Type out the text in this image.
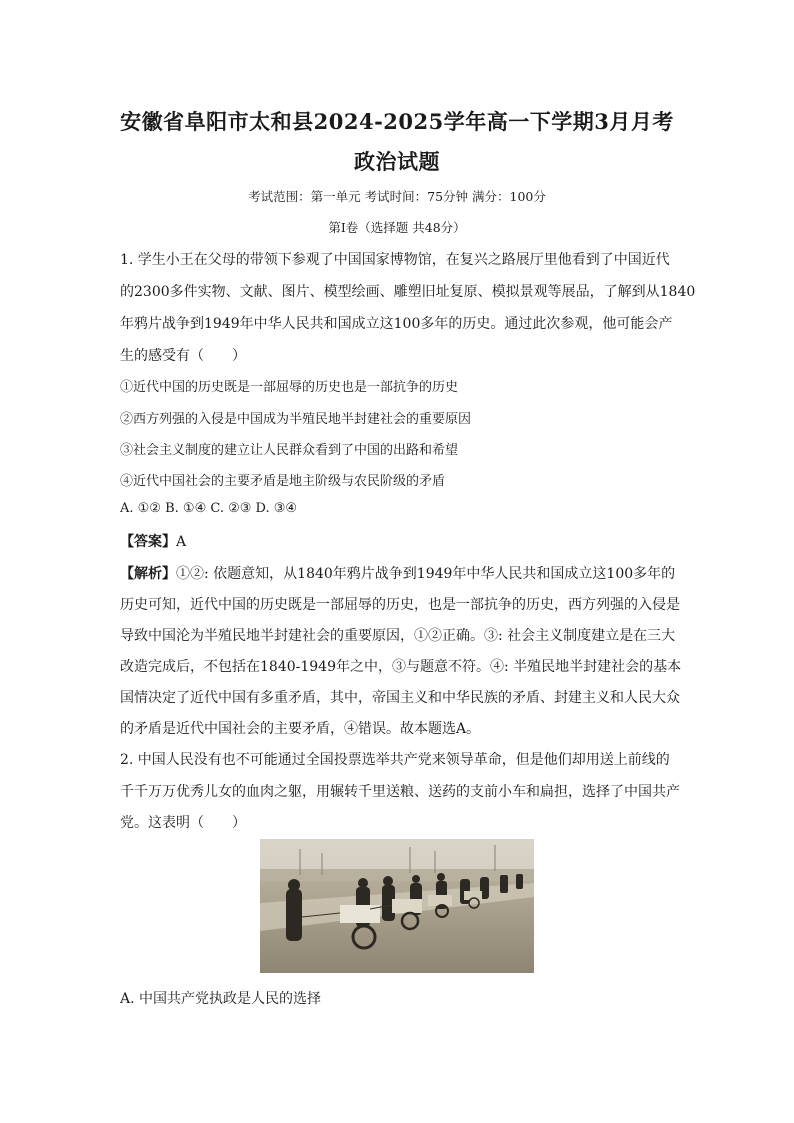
安徽省阜阳市太和县2024-2025学年高一下学期3月月考
政治试题
考试范围：第一单元 考试时间：75分钟 满分：100分
第I卷（选择题 共48分）
1. 学生小王在父母的带领下参观了中国国家博物馆，在复兴之路展厅里他看到了中国近代
的2300多件实物、文献、图片、模型绘画、雕塑旧址复原、模拟景观等展品，了解到从1840
年鸦片战争到1949年中华人民共和国成立这100多年的历史。通过此次参观，他可能会产
生的感受有（　　）
①近代中国的历史既是一部屈辱的历史也是一部抗争的历史
②西方列强的入侵是中国成为半殖民地半封建社会的重要原因
③社会主义制度的建立让人民群众看到了中国的出路和希望
④近代中国社会的主要矛盾是地主阶级与农民阶级的矛盾
A. ①② B. ①④ C. ②③ D. ③④
【答案】A
【解析】①②: 依题意知，从1840年鸦片战争到1949年中华人民共和国成立这100多年的
历史可知，近代中国的历史既是一部屈辱的历史，也是一部抗争的历史，西方列强的入侵是
导致中国沦为半殖民地半封建社会的重要原因，①②正确。③: 社会主义制度建立是在三大
改造完成后，不包括在1840-1949年之中，③与题意不符。④: 半殖民地半封建社会的基本
国情决定了近代中国有多重矛盾，其中，帝国主义和中华民族的矛盾、封建主义和人民大众
的矛盾是近代中国社会的主要矛盾，④错误。故本题选A。
2. 中国人民没有也不可能通过全国投票选举共产党来领导革命，但是他们却用送上前线的
千千万万优秀儿女的血肉之躯，用辗转千里送粮、送药的支前小车和扁担，选择了中国共产
党。这表明（　　）
A. 中国共产党执政是人民的选择
